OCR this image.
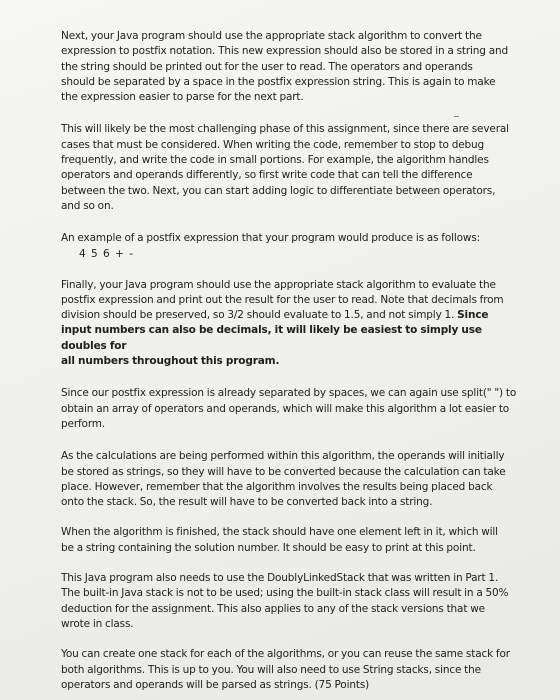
Next, your Java program should use the appropriate stack algorithm to convert the
expression to postfix notation. This new expression should also be stored in a string and
the string should be printed out for the user to read. The operators and operands
should be separated by a space in the postfix expression string. This is again to make
the expression easier to parse for the next part.

This will likely be the most challenging phase of this assignment, since there are several
cases that must be considered. When writing the code, remember to stop to debug
frequently, and write the code in small portions. For example, the algorithm handles
operators and operands differently, so first write code that can tell the difference
between the two. Next, you can start adding logic to differentiate between operators,
and so on.

An example of a postfix expression that your program would produce is as follows:

4 5 6 + -

Finally, your Java program should use the appropriate stack algorithm to evaluate the
postfix expression and print out the result for the user to read. Note that decimals from
division should be preserved, so 3/2 should evaluate to 1.5, and not simply 1. Since
input numbers can also be decimals, it will likely be easiest to simply use doubles for
all numbers throughout this program.

Since our postfix expression is already separated by spaces, we can again use split(" ") to
obtain an array of operators and operands, which will make this algorithm a lot easier to
perform.

As the calculations are being performed within this algorithm, the operands will initially
be stored as strings, so they will have to be converted because the calculation can take
place. However, remember that the algorithm involves the results being placed back
onto the stack. So, the result will have to be converted back into a string.

When the algorithm is finished, the stack should have one element left in it, which will
be a string containing the solution number. It should be easy to print at this point.

This Java program also needs to use the DoublyLinkedStack that was written in Part 1.
The built-in Java stack is not to be used; using the built-in stack class will result in a 50%
deduction for the assignment. This also applies to any of the stack versions that we
wrote in class.

You can create one stack for each of the algorithms, or you can reuse the same stack for
both algorithms. This is up to you. You will also need to use String stacks, since the
operators and operands will be parsed as strings. (75 Points)
